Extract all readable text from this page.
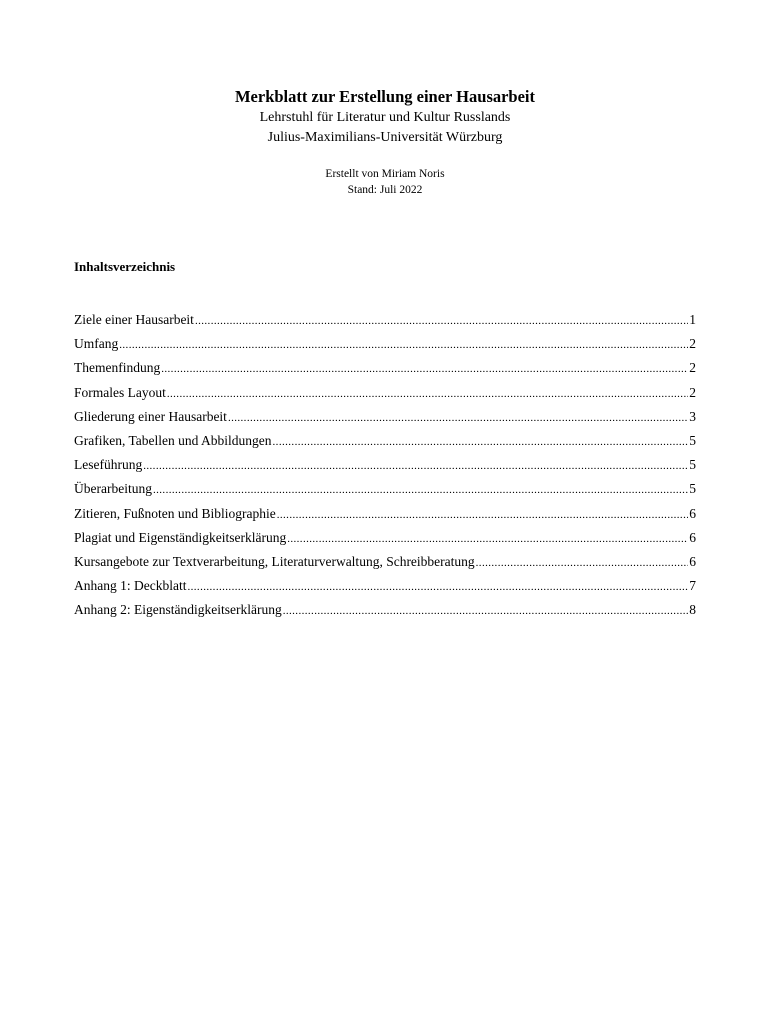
Merkblatt zur Erstellung einer Hausarbeit

Lehrstuhl für Literatur und Kultur Russlands

Julius-Maximilians-Universität Würzburg

Erstellt von Miriam Noris
Stand: Juli 2022
Inhaltsverzeichnis
Ziele einer Hausarbeit .....	1
Umfang .....	2
Themenfindung .....	2
Formales Layout .....	2
Gliederung einer Hausarbeit .....	3
Grafiken, Tabellen und Abbildungen .....	5
Leseführung .....	5
Überarbeitung .....	5
Zitieren, Fußnoten und Bibliographie .....	6
Plagiat und Eigenständigkeitserklärung .....	6
Kursangebote zur Textverarbeitung, Literaturverwaltung, Schreibberatung .....	6
Anhang 1: Deckblatt .....	7
Anhang 2: Eigenständigkeitserklärung .....	8
